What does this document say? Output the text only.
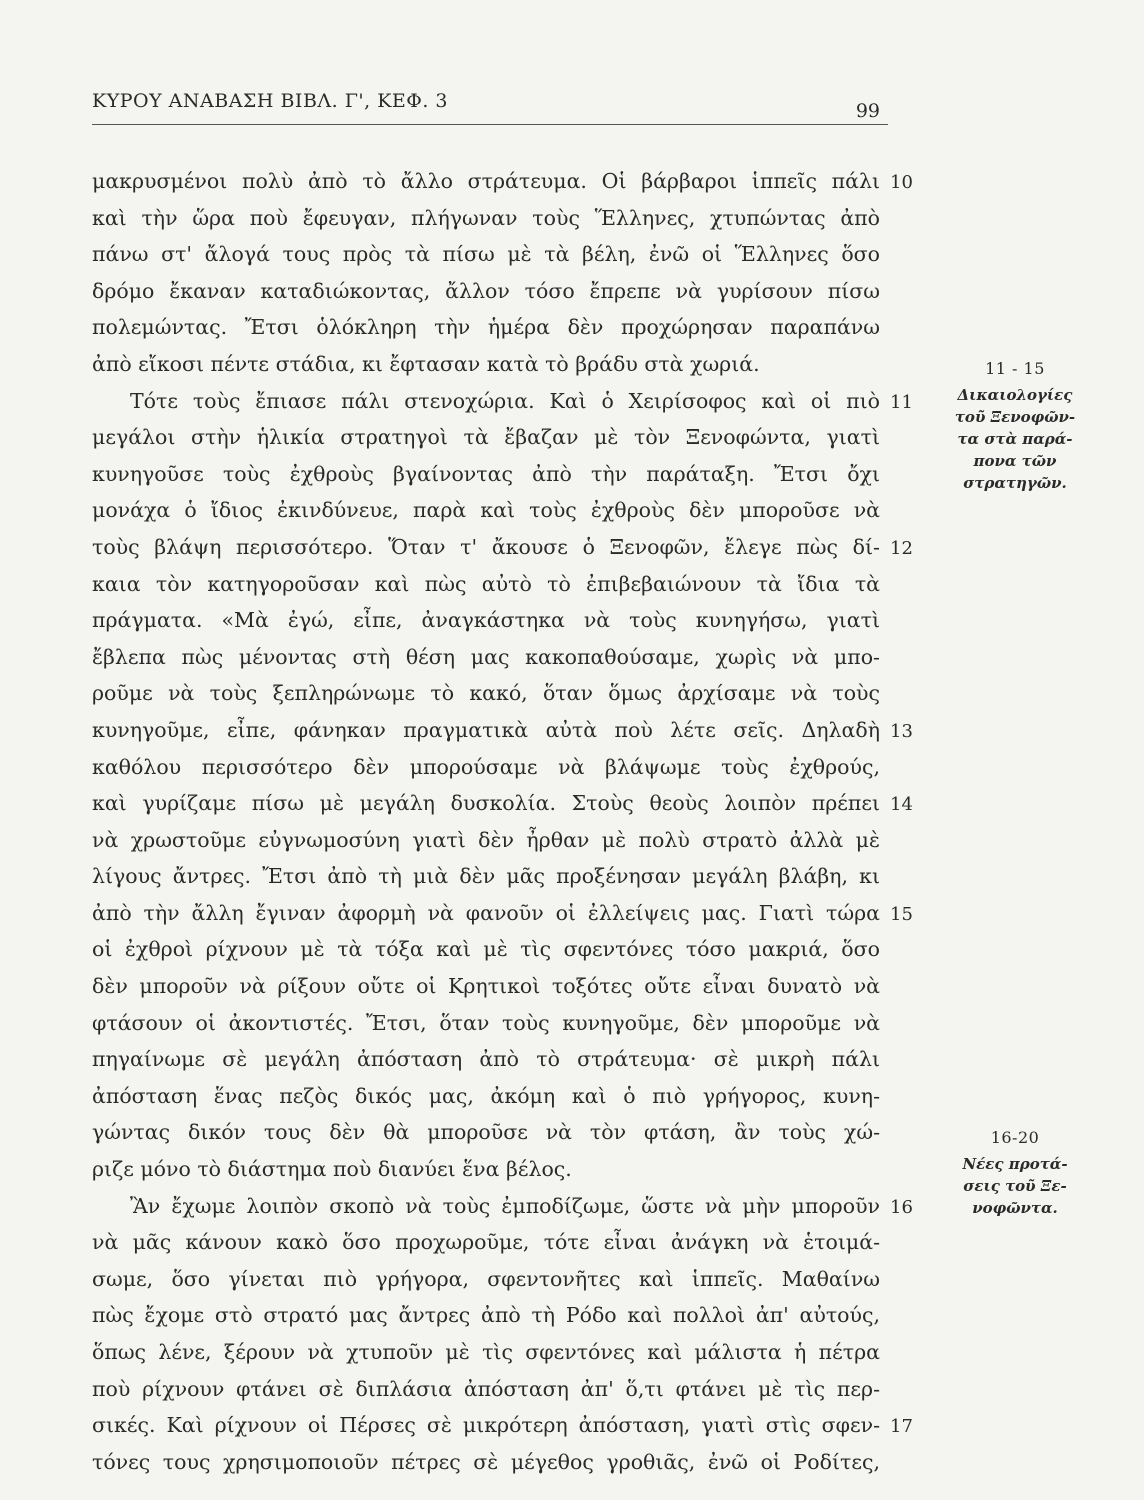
ΚΥΡΟΥ ΑΝΑΒΑΣΗ ΒΙΒΛ. Γ', ΚΕΦ. 3	99
μακρυσμένοι πολὺ ἀπὸ τὸ ἄλλο στράτευμα. Οἱ βάρβαροι ἱππεῖς πάλι
καὶ τὴν ὥρα ποὺ ἔφευγαν, πλήγωναν τοὺς Ἕλληνες, χτυπώντας ἀπὸ
πάνω στ' ἄλογά τους πρὸς τὰ πίσω μὲ τὰ βέλη, ἐνῶ οἱ Ἕλληνες ὅσο
δρόμο ἔκαναν καταδιώκοντας, ἄλλον τόσο ἔπρεπε νὰ γυρίσουν πίσω
πολεμώντας. Ἔτσι ὁλόκληρη τὴν ἡμέρα δὲν προχώρησαν παραπάνω
ἀπὸ εἴκοσι πέντε στάδια, κι ἔφτασαν κατὰ τὸ βράδυ στὰ χωριά.
Τότε τοὺς ἔπιασε πάλι στενοχώρια. Καὶ ὁ Χειρίσοφος καὶ οἱ πιὸ
μεγάλοι στὴν ἡλικία στρατηγοὶ τὰ ἔβαζαν μὲ τὸν Ξενοφώντα, γιατὶ
κυνηγοῦσε τοὺς ἐχθροὺς βγαίνοντας ἀπὸ τὴν παράταξη. Ἔτσι ὄχι
μονάχα ὁ ἴδιος ἐκινδύνευε, παρὰ καὶ τοὺς ἐχθροὺς δὲν μποροῦσε νὰ
τοὺς βλάψη περισσότερο. Ὅταν τ' ἄκουσε ὁ Ξενοφῶν, ἔλεγε πὼς δί-
καια τὸν κατηγοροῦσαν καὶ πὼς αὐτὸ τὸ ἐπιβεβαιώνουν τὰ ἴδια τὰ
πράγματα. «Μὰ ἐγώ, εἶπε, ἀναγκάστηκα νὰ τοὺς κυνηγήσω, γιατὶ
ἔβλεπα πὼς μένοντας στὴ θέση μας κακοπαθούσαμε, χωρὶς νὰ μπο-
ροῦμε νὰ τοὺς ξεπληρώνωμε τὸ κακό, ὅταν ὅμως ἀρχίσαμε νὰ τοὺς
κυνηγοῦμε, εἶπε, φάνηκαν πραγματικὰ αὐτὰ ποὺ λέτε σεῖς. Δηλαδὴ
καθόλου περισσότερο δὲν μπορούσαμε νὰ βλάψωμε τοὺς ἐχθρούς,
καὶ γυρίζαμε πίσω μὲ μεγάλη δυσκολία. Στοὺς θεοὺς λοιπὸν πρέπει
νὰ χρωστοῦμε εὐγνωμοσύνη γιατὶ δὲν ἦρθαν μὲ πολὺ στρατὸ ἀλλὰ μὲ
λίγους ἄντρες. Ἔτσι ἀπὸ τὴ μιὰ δὲν μᾶς προξένησαν μεγάλη βλάβη, κι
ἀπὸ τὴν ἄλλη ἔγιναν ἀφορμὴ νὰ φανοῦν οἱ ἐλλείψεις μας. Γιατὶ τώρα
οἱ ἐχθροὶ ρίχνουν μὲ τὰ τόξα καὶ μὲ τὶς σφεντόνες τόσο μακριά, ὅσο
δὲν μποροῦν νὰ ρίξουν οὔτε οἱ Κρητικοὶ τοξότες οὔτε εἶναι δυνατὸ νὰ
φτάσουν οἱ ἀκοντιστές. Ἔτσι, ὅταν τοὺς κυνηγοῦμε, δὲν μποροῦμε νὰ
πηγαίνωμε σὲ μεγάλη ἀπόσταση ἀπὸ τὸ στράτευμα· σὲ μικρὴ πάλι
ἀπόσταση ἕνας πεζὸς δικός μας, ἀκόμη καὶ ὁ πιὸ γρήγορος, κυνη-
γώντας δικόν τους δὲν θὰ μποροῦσε νὰ τὸν φτάση, ἂν τοὺς χώ-
ριζε μόνο τὸ διάστημα ποὺ διανύει ἕνα βέλος.
Ἂν ἔχωμε λοιπὸν σκοπὸ νὰ τοὺς ἐμποδίζωμε, ὥστε νὰ μὴν μποροῦν
νὰ μᾶς κάνουν κακὸ ὅσο προχωροῦμε, τότε εἶναι ἀνάγκη νὰ ἑτοιμά-
σωμε, ὅσο γίνεται πιὸ γρήγορα, σφεντονῆτες καὶ ἱππεῖς. Μαθαίνω
πὼς ἔχομε στὸ στρατό μας ἄντρες ἀπὸ τὴ Ρόδο καὶ πολλοὶ ἀπ' αὐτούς,
ὅπως λένε, ξέρουν νὰ χτυποῦν μὲ τὶς σφεντόνες καὶ μάλιστα ἡ πέτρα
ποὺ ρίχνουν φτάνει σὲ διπλάσια ἀπόσταση ἀπ' ὅ,τι φτάνει μὲ τὶς περ-
σικές. Καὶ ρίχνουν οἱ Πέρσες σὲ μικρότερη ἀπόσταση, γιατὶ στὶς σφεν-
τόνες τους χρησιμοποιοῦν πέτρες σὲ μέγεθος γροθιᾶς, ἐνῶ οἱ Ροδίτες,
10
11
12
13
14
15
16
17
11 - 15
Δικαιολογίες
τοῦ Ξενοφῶν-
τα στὰ παρά-
πονα τῶν
στρατηγῶν.
16-20
Νέες προτά-
σεις τοῦ Ξε-
νοφῶντα.
